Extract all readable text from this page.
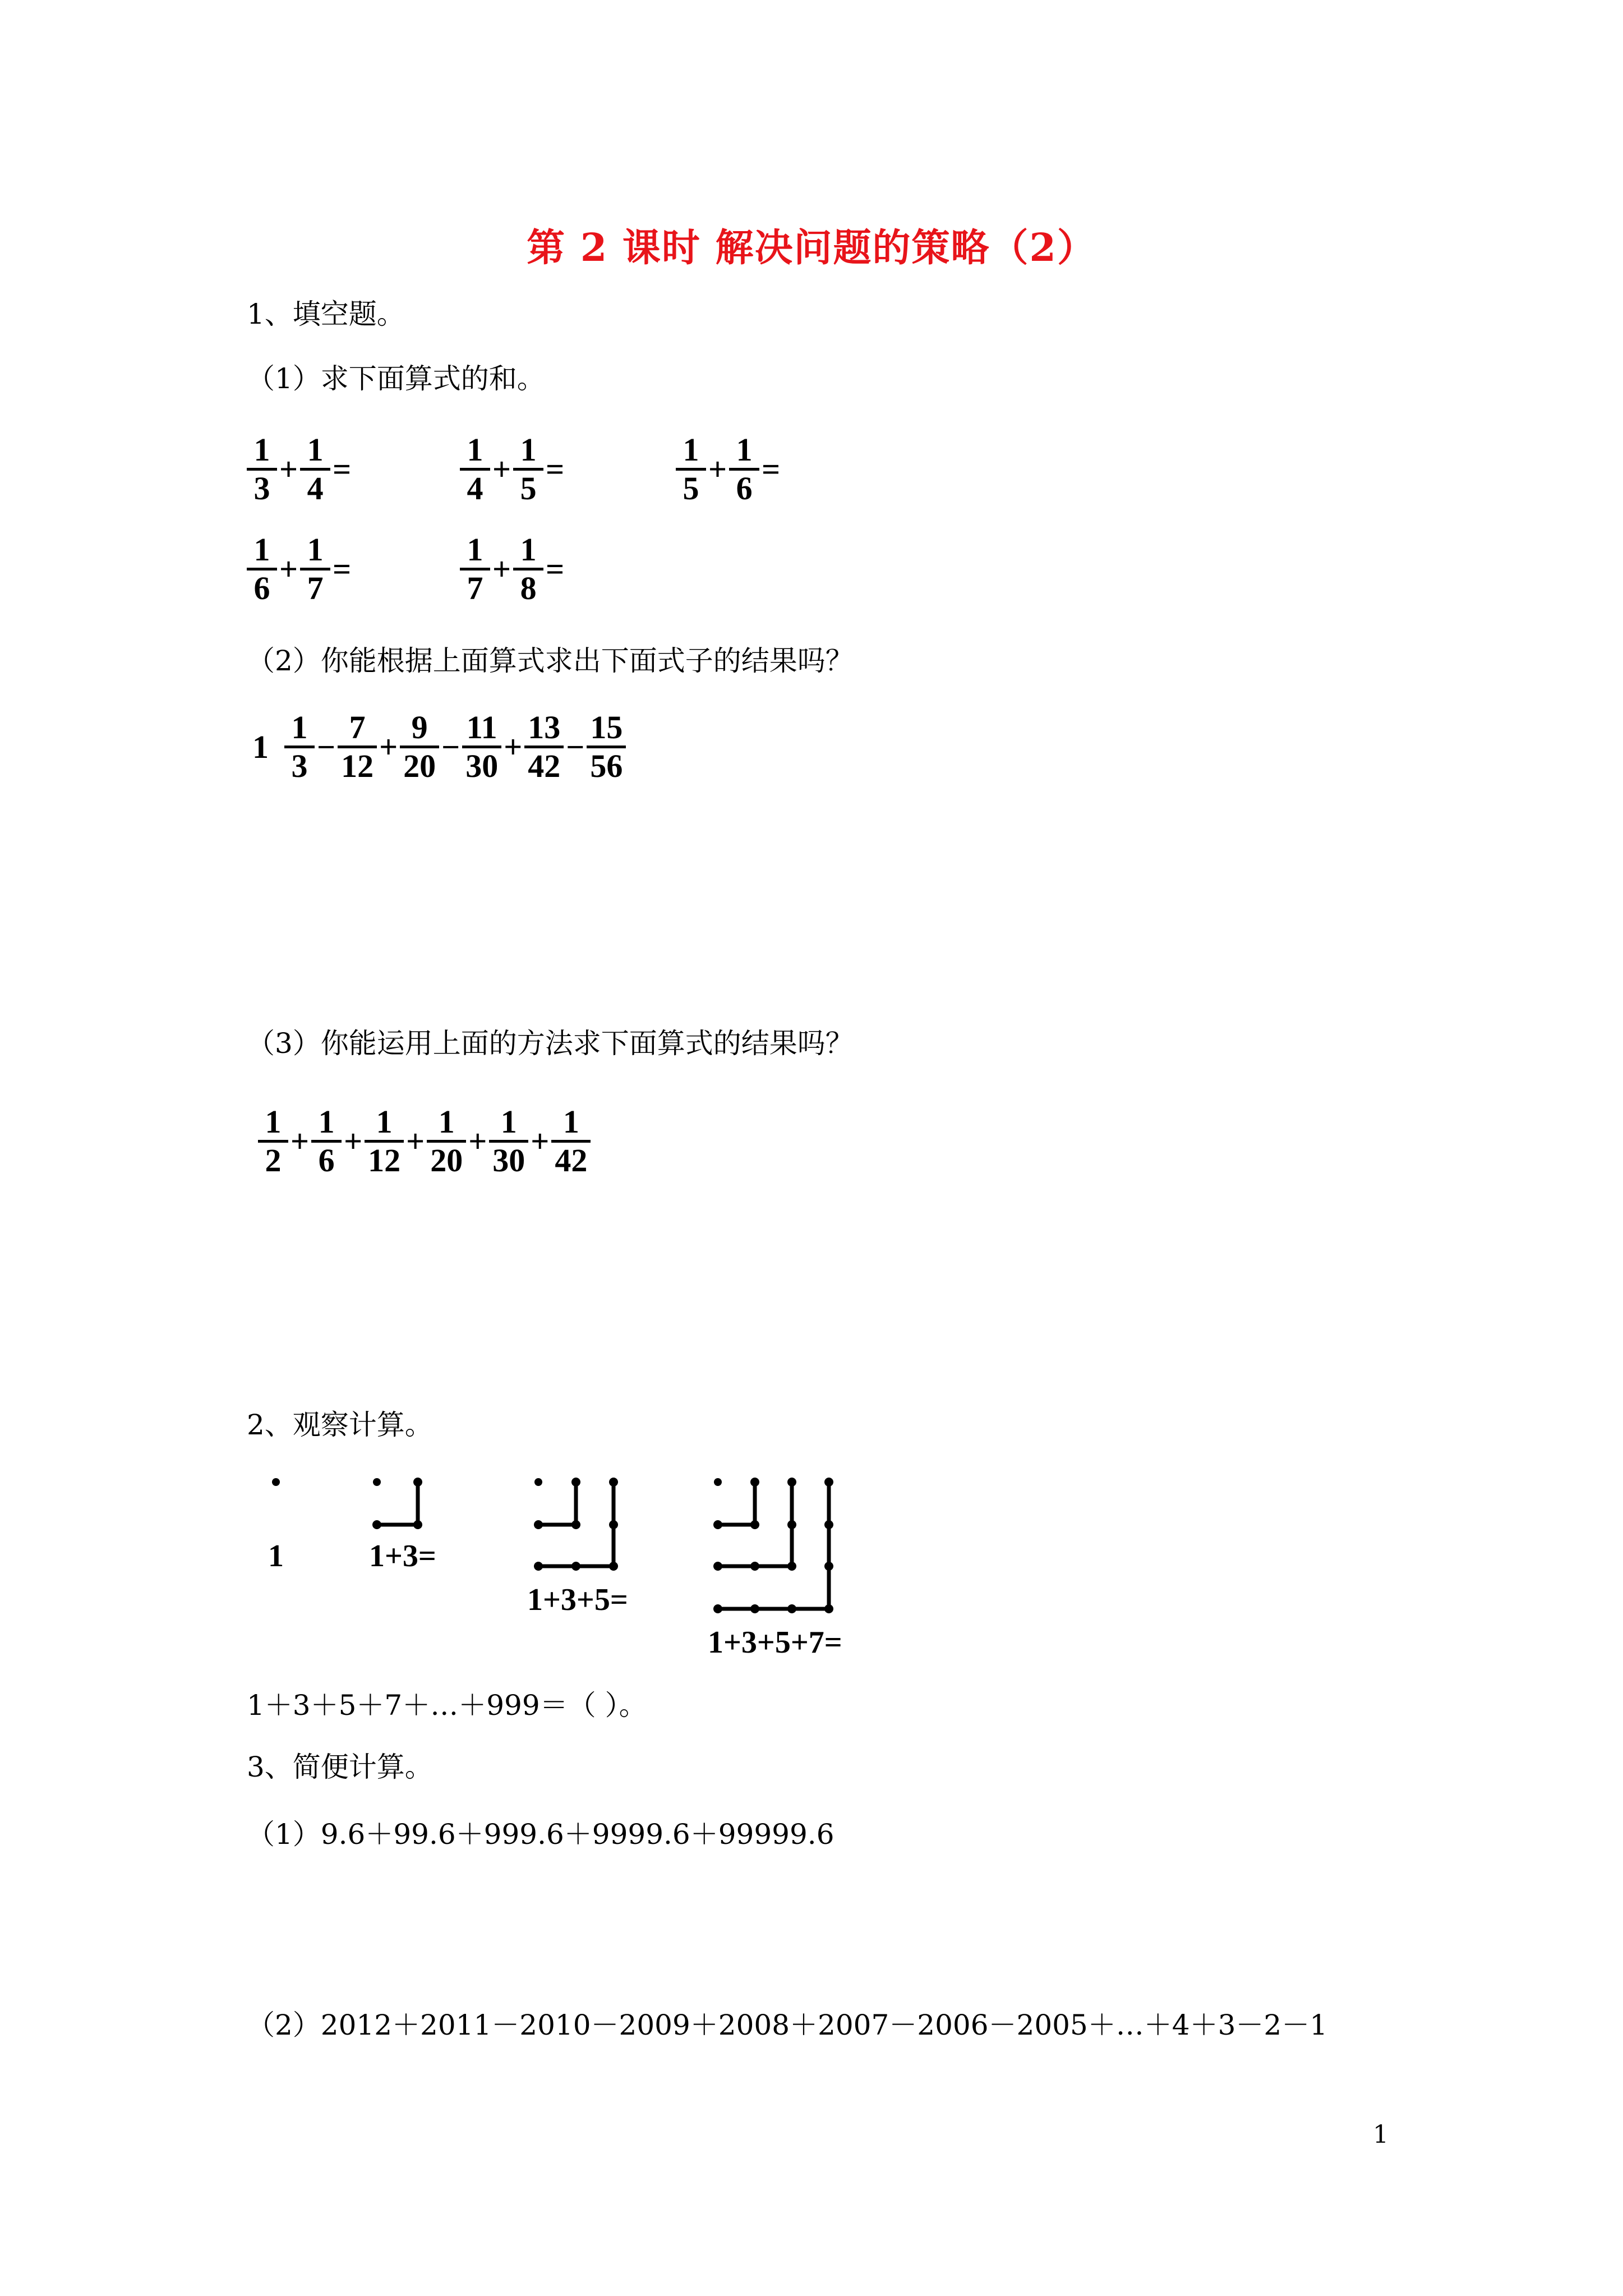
第 2 课时 解决问题的策略（2）
1、填空题。
（1）求下面算式的和。
1
3
+
1
4
=
1
4
+
1
5
=
1
5
+
1
6
=
1
6
+
1
7
=
1
7
+
1
8
=
（2）你能根据上面算式求出下面式子的结果吗？
1
1
3
−
7
12
+
9
20
−
11
30
+
13
42
−
15
56
（3）你能运用上面的方法求下面算式的结果吗？
1
2
+
1
6
+
1
12
+
1
20
+
1
30
+
1
42
2、观察计算。
1	1+3=
1+3+5=
1+3+5+7=
1＋3＋5＋7＋…＋999＝（ ）。
3、简便计算。
（1）9.6＋99.6＋999.6＋9999.6＋99999.6
（2）2012＋2011－2010－2009＋2008＋2007－2006－2005＋…＋4＋3－2－1
1
